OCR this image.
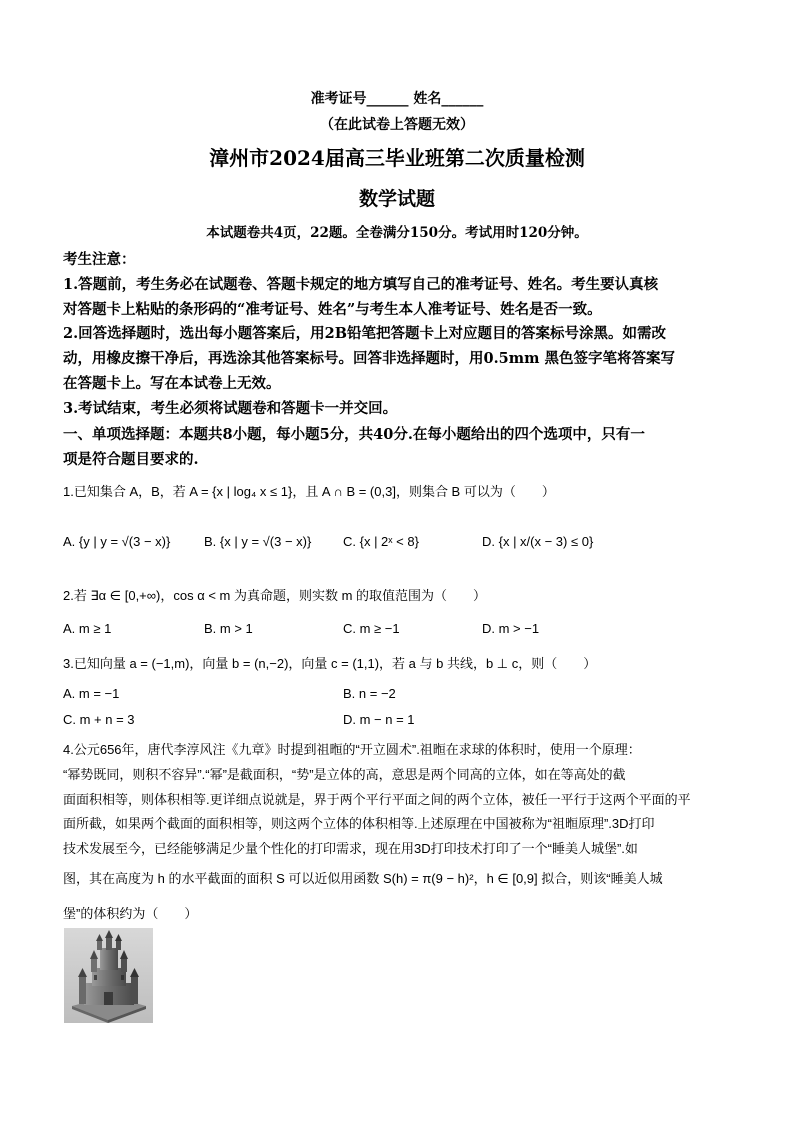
准考证号______ 姓名______
（在此试卷上答题无效）
漳州市2024届高三毕业班第二次质量检测
数学试题
本试题卷共4页，22题。全卷满分150分。考试用时120分钟。
考生注意：
1.答题前，考生务必在试题卷、答题卡规定的地方填写自己的准考证号、姓名。考生要认真核
对答题卡上粘贴的条形码的“准考证号、姓名”与考生本人准考证号、姓名是否一致。
2.回答选择题时，选出每小题答案后，用2B铅笔把答题卡上对应题目的答案标号涂黑。如需改
动，用橡皮擦干净后，再选涂其他答案标号。回答非选择题时，用0.5mm 黑色签字笔将答案写
在答题卡上。写在本试卷上无效。
3.考试结束，考生必须将试题卷和答题卡一并交回。
一、单项选择题：本题共8小题，每小题5分，共40分.在每小题给出的四个选项中，只有一
项是符合题目要求的.
1.已知集合 A，B，若 A = {x | log₄ x ≤ 1}，且 A ∩ B = (0,3]，则集合 B 可以为（　　）
A. {y | y = √(3 − x)}	B. {x | y = √(3 − x)} C. {x | 2ˣ < 8}	D. {x | x/(x − 3) ≤ 0}
2.若 ∃α ∈ [0,+∞)，cos α < m 为真命题，则实数 m 的取值范围为（　　）
A. m ≥ 1	B. m > 1	C. m ≥ −1	D. m > −1
3.已知向量 a = (−1,m)，向量 b = (n,−2)，向量 c = (1,1)，若 a 与 b 共线，b ⊥ c，则（　　）
A. m = −1	B. n = −2
C. m + n = 3	D. m − n = 1
4.公元656年，唐代李淳风注《九章》时提到祖暅的“开立圆术”.祖暅在求球的体积时，使用一个原理：
“幂势既同，则积不容异”.“幂”是截面积，“势”是立体的高，意思是两个同高的立体，如在等高处的截
面面积相等，则体积相等.更详细点说就是，界于两个平行平面之间的两个立体，被任一平行于这两个平面的平
面所截，如果两个截面的面积相等，则这两个立体的体积相等.上述原理在中国被称为“祖暅原理”.3D打印
技术发展至今，已经能够满足少量个性化的打印需求，现在用3D打印技术打印了一个“睡美人城堡”.如
图，其在高度为 h 的水平截面的面积 S 可以近似用函数 S(h) = π(9 − h)²，h ∈ [0,9] 拟合，则该“睡美人城
堡”的体积约为（　　）
